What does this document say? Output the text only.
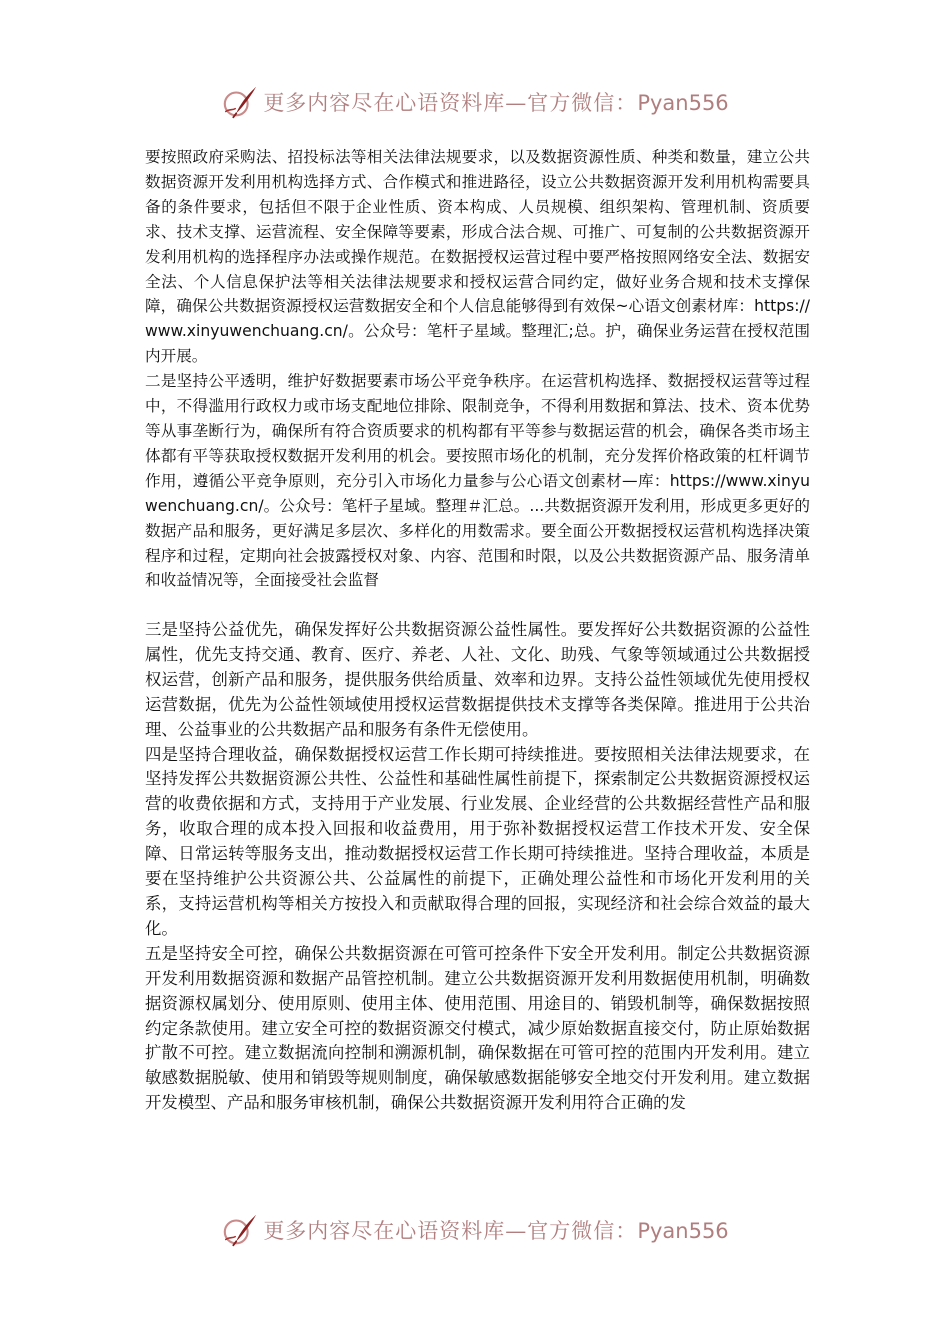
更多内容尽在心语资料库—官方微信：Pyan556

要按照政府采购法、招投标法等相关法律法规要求，以及数据资源性质、种类和数量，建立公共数据资源开发利用机构选择方式、合作模式和推进路径，设立公共数据资源开发利用机构需要具备的条件要求，包括但不限于企业性质、资本构成、人员规模、组织架构、管理机制、资质要求、技术支撑、运营流程、安全保障等要素，形成合法合规、可推广、可复制的公共数据资源开发利用机构的选择程序办法或操作规范。在数据授权运营过程中要严格按照网络安全法、数据安全法、个人信息保护法等相关法律法规要求和授权运营合同约定，做好业务合规和技术支撑保障，确保公共数据资源授权运营数据安全和个人信息能够得到有效保~心语文创素材库：https://www.xinyuwenchuang.cn/。公众号：笔杆子星域。整理汇;总。护，确保业务运营在授权范围内开展。

二是坚持公平透明，维护好数据要素市场公平竞争秩序。在运营机构选择、数据授权运营等过程中，不得滥用行政权力或市场支配地位排除、限制竞争，不得利用数据和算法、技术、资本优势等从事垄断行为，确保所有符合资质要求的机构都有平等参与数据运营的机会，确保各类市场主体都有平等获取授权数据开发利用的机会。要按照市场化的机制，充分发挥价格政策的杠杆调节作用，遵循公平竞争原则，充分引入市场化力量参与公心语文创素材—库：https://www.xinyuwenchuang.cn/。公众号：笔杆子星域。整理＃汇总。...共数据资源开发利用，形成更多更好的数据产品和服务，更好满足多层次、多样化的用数需求。要全面公开数据授权运营机构选择决策程序和过程，定期向社会披露授权对象、内容、范围和时限，以及公共数据资源产品、服务清单和收益情况等，全面接受社会监督

三是坚持公益优先，确保发挥好公共数据资源公益性属性。要发挥好公共数据资源的公益性属性，优先支持交通、教育、医疗、养老、人社、文化、助残、气象等领域通过公共数据授权运营，创新产品和服务，提供服务供给质量、效率和边界。支持公益性领域优先使用授权运营数据，优先为公益性领域使用授权运营数据提供技术支撑等各类保障。推进用于公共治理、公益事业的公共数据产品和服务有条件无偿使用。

四是坚持合理收益，确保数据授权运营工作长期可持续推进。要按照相关法律法规要求，在坚持发挥公共数据资源公共性、公益性和基础性属性前提下，探索制定公共数据资源授权运营的收费依据和方式，支持用于产业发展、行业发展、企业经营的公共数据经营性产品和服务，收取合理的成本投入回报和收益费用，用于弥补数据授权运营工作技术开发、安全保障、日常运转等服务支出，推动数据授权运营工作长期可持续推进。坚持合理收益，本质是要在坚持维护公共资源公共、公益属性的前提下，正确处理公益性和市场化开发利用的关系，支持运营机构等相关方按投入和贡献取得合理的回报，实现经济和社会综合效益的最大化。

五是坚持安全可控，确保公共数据资源在可管可控条件下安全开发利用。制定公共数据资源开发利用数据资源和数据产品管控机制。建立公共数据资源开发利用数据使用机制，明确数据资源权属划分、使用原则、使用主体、使用范围、用途目的、销毁机制等，确保数据按照约定条款使用。建立安全可控的数据资源交付模式，减少原始数据直接交付，防止原始数据扩散不可控。建立数据流向控制和溯源机制，确保数据在可管可控的范围内开发利用。建立敏感数据脱敏、使用和销毁等规则制度，确保敏感数据能够安全地交付开发利用。建立数据开发模型、产品和服务审核机制，确保公共数据资源开发利用符合正确的发

更多内容尽在心语资料库—官方微信：Pyan556
